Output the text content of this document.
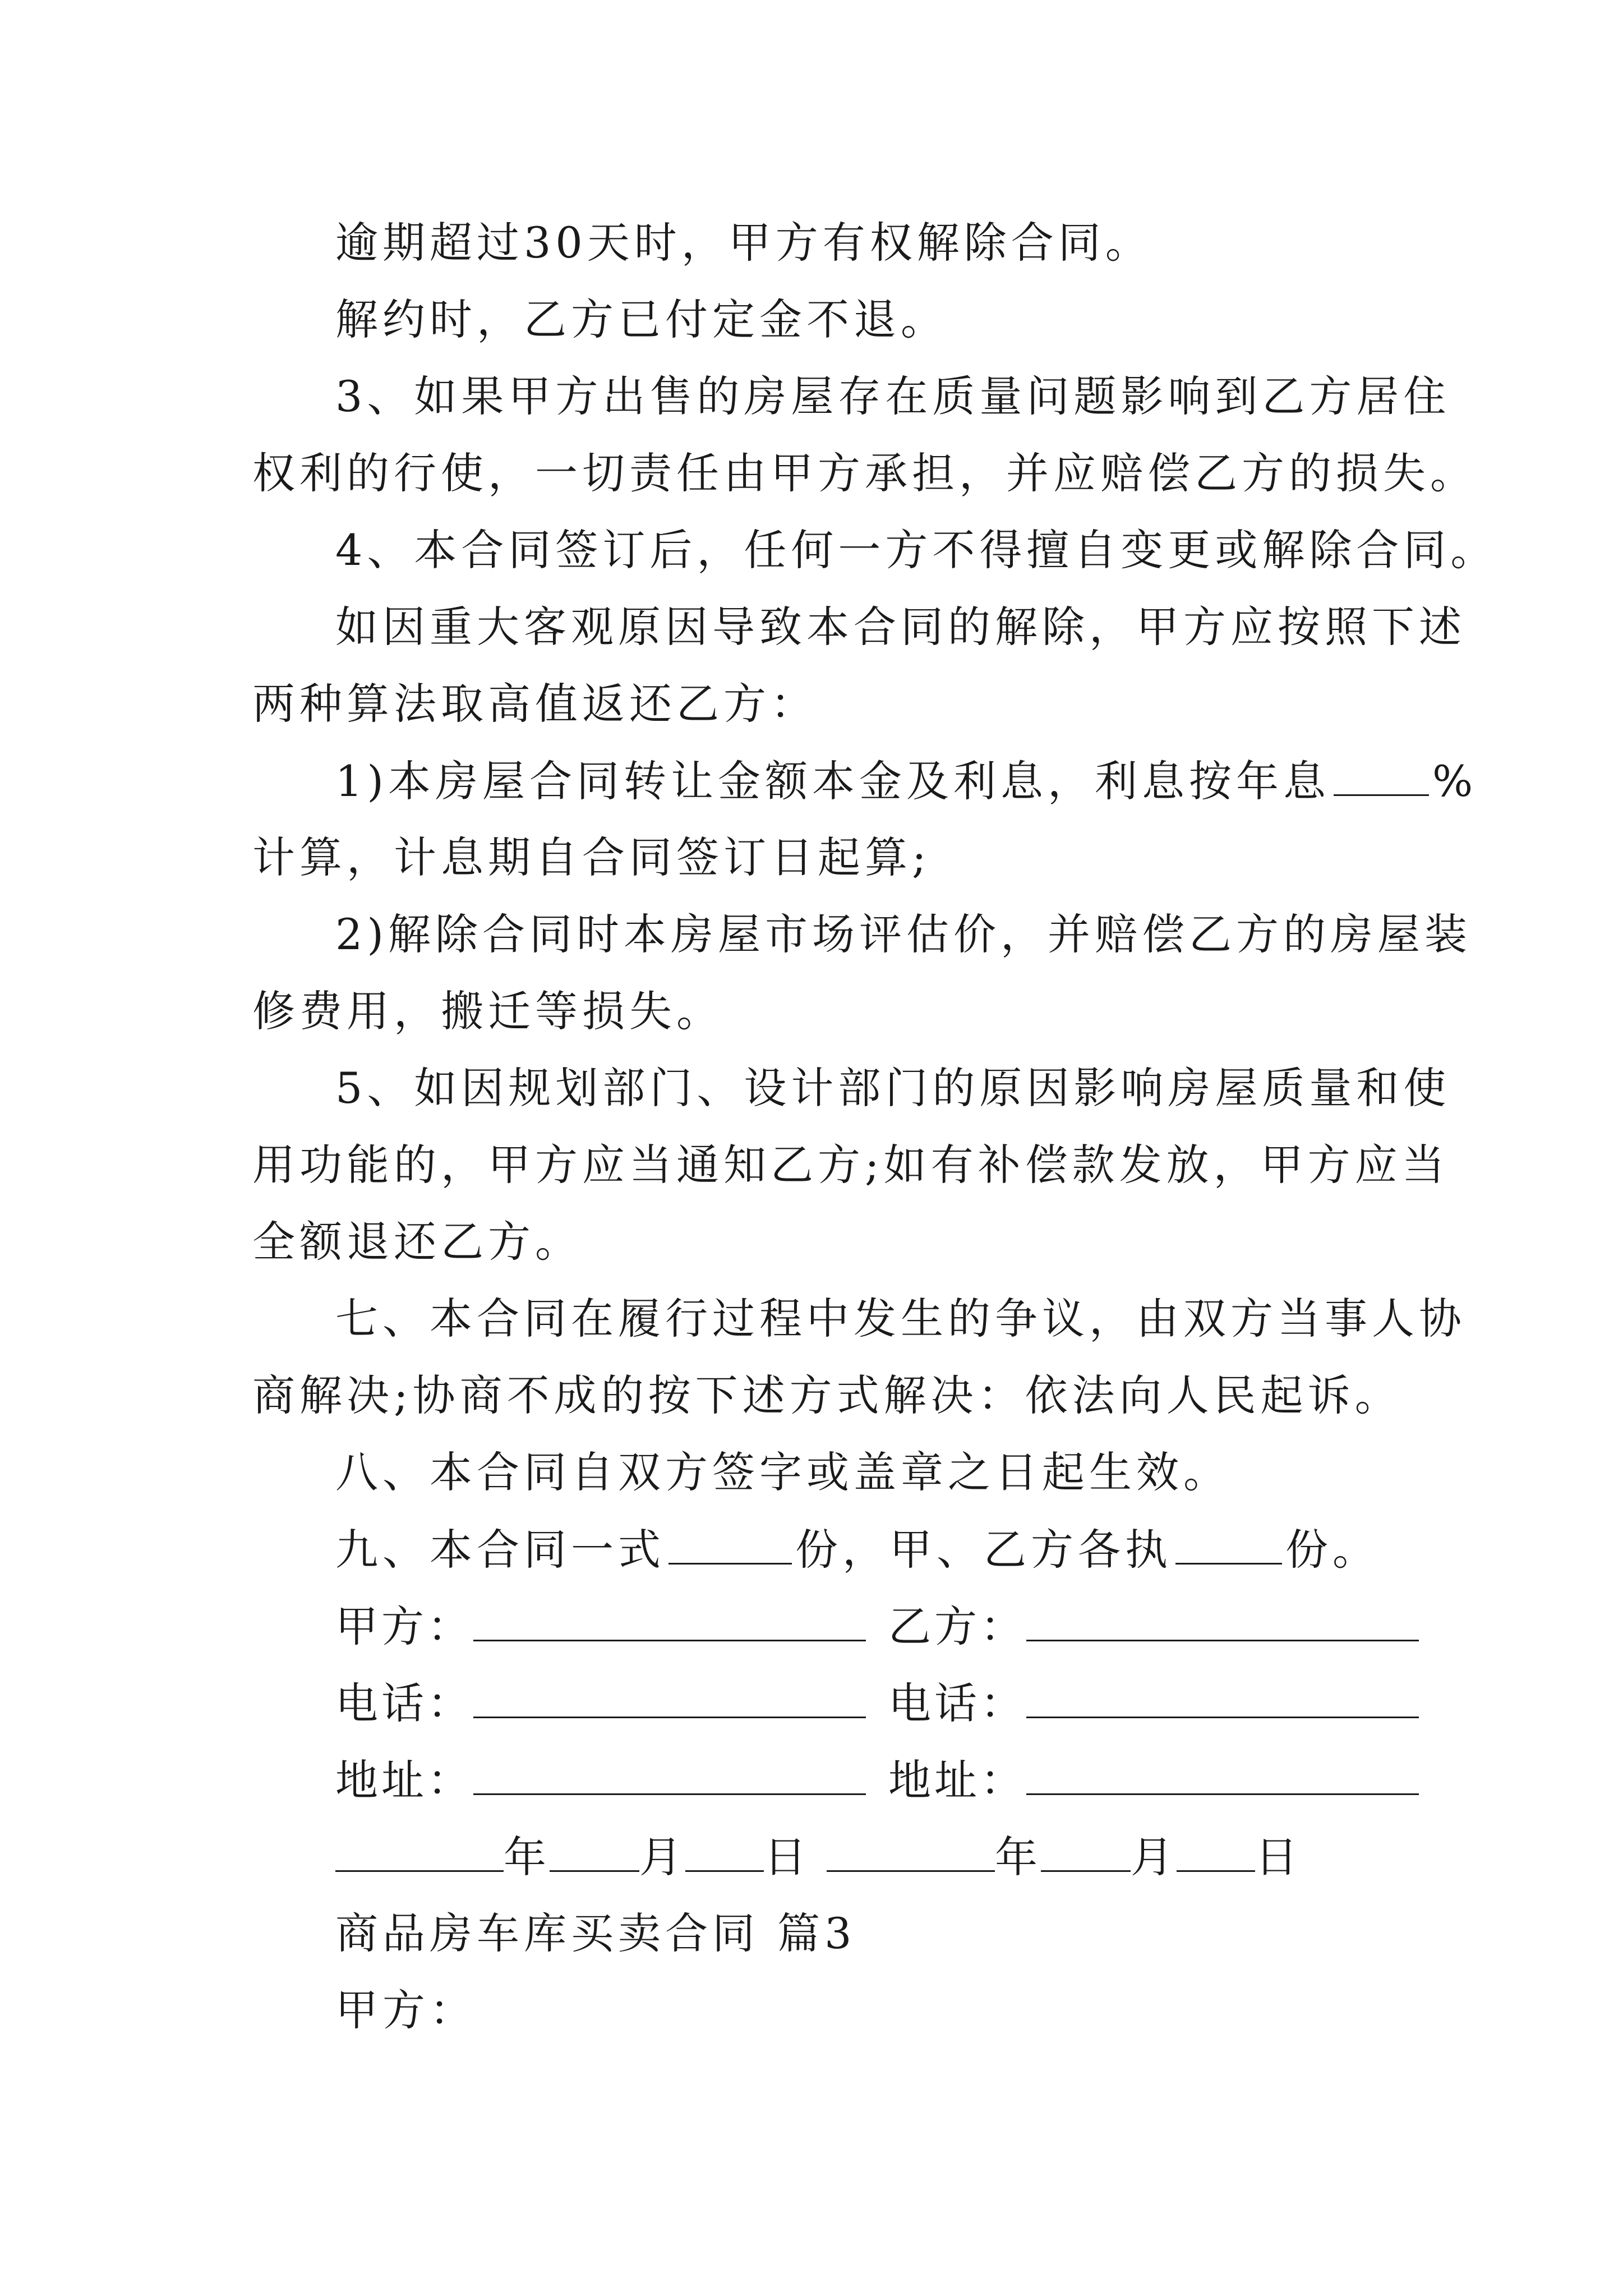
逾期超过30天时，甲方有权解除合同。
解约时，乙方已付定金不退。
3、如果甲方出售的房屋存在质量问题影响到乙方居住
权利的行使，一切责任由甲方承担，并应赔偿乙方的损失。
4、本合同签订后，任何一方不得擅自变更或解除合同。
如因重大客观原因导致本合同的解除，甲方应按照下述
两种算法取高值返还乙方：
1)本房屋合同转让金额本金及利息，利息按年息 %
计算，计息期自合同签订日起算;
2)解除合同时本房屋市场评估价，并赔偿乙方的房屋装
修费用，搬迁等损失。
5、如因规划部门、设计部门的原因影响房屋质量和使
用功能的，甲方应当通知乙方;如有补偿款发放，甲方应当
全额退还乙方。
七、本合同在履行过程中发生的争议，由双方当事人协
商解决;协商不成的按下述方式解决：依法向人民起诉。
八、本合同自双方签字或盖章之日起生效。
九、本合同一式	份，甲、乙方各执	份。
甲方：	乙方：
电话：	电话：
地址：	地址：
年 月 日	年 月 日
商品房车库买卖合同 篇3
甲方：
